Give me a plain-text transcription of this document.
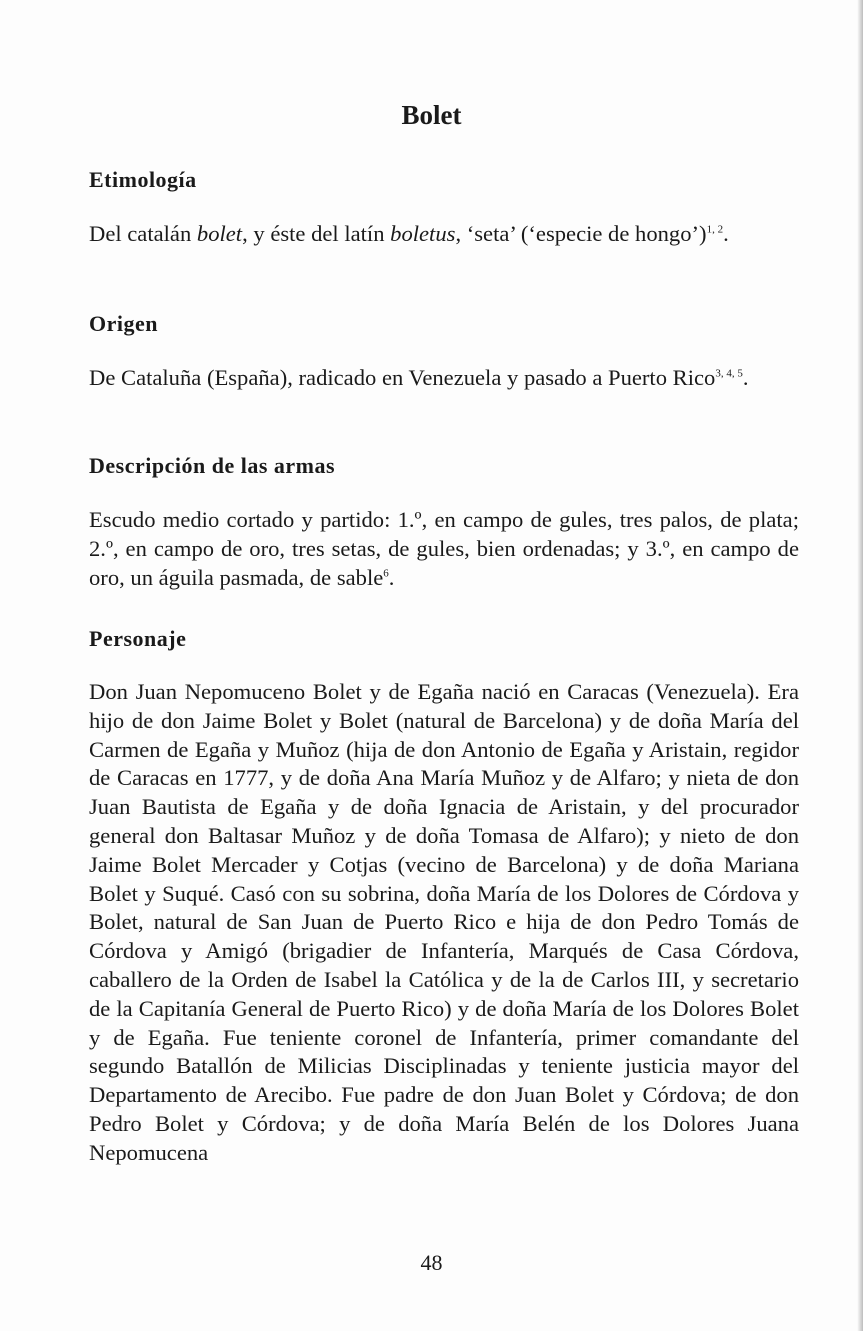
Bolet
Etimología
Del catalán bolet, y éste del latín boletus, ‘seta’ (‘especie de hongo’)$^{1, 2}$.
Origen
De Cataluña (España), radicado en Venezuela y pasado a Puerto Rico$^{3, 4, 5}$.
Descripción de las armas
Escudo medio cortado y partido: 1.º, en campo de gules, tres palos, de plata; 2.º, en campo de oro, tres setas, de gules, bien ordenadas; y 3.º, en campo de oro, un águila pasmada, de sable$^6$.
Personaje
Don Juan Nepomuceno Bolet y de Egaña nació en Caracas (Venezuela). Era hijo de don Jaime Bolet y Bolet (natural de Barcelona) y de doña María del Carmen de Egaña y Muñoz (hija de don Antonio de Egaña y Aristain, regidor de Caracas en 1777, y de doña Ana María Muñoz y de Alfaro; y nieta de don Juan Bautista de Egaña y de doña Ignacia de Aristain, y del procurador general don Baltasar Muñoz y de doña Tomasa de Alfaro); y nieto de don Jaime Bolet Mercader y Cotjas (vecino de Barcelona) y de doña Mariana Bolet y Suqué. Casó con su sobrina, doña María de los Dolores de Córdova y Bolet, natural de San Juan de Puerto Rico e hija de don Pedro Tomás de Córdova y Amigó (brigadier de Infantería, Marqués de Casa Córdova, caballero de la Orden de Isabel la Católica y de la de Carlos III, y secretario de la Capitanía General de Puerto Rico) y de doña María de los Dolores Bolet y de Egaña. Fue teniente coronel de Infantería, primer comandante del segundo Batallón de Milicias Disciplinadas y teniente justicia mayor del Departamento de Arecibo. Fue padre de don Juan Bolet y Córdova; de don Pedro Bolet y Córdova; y de doña María Belén de los Dolores Juana Nepomucena
48
